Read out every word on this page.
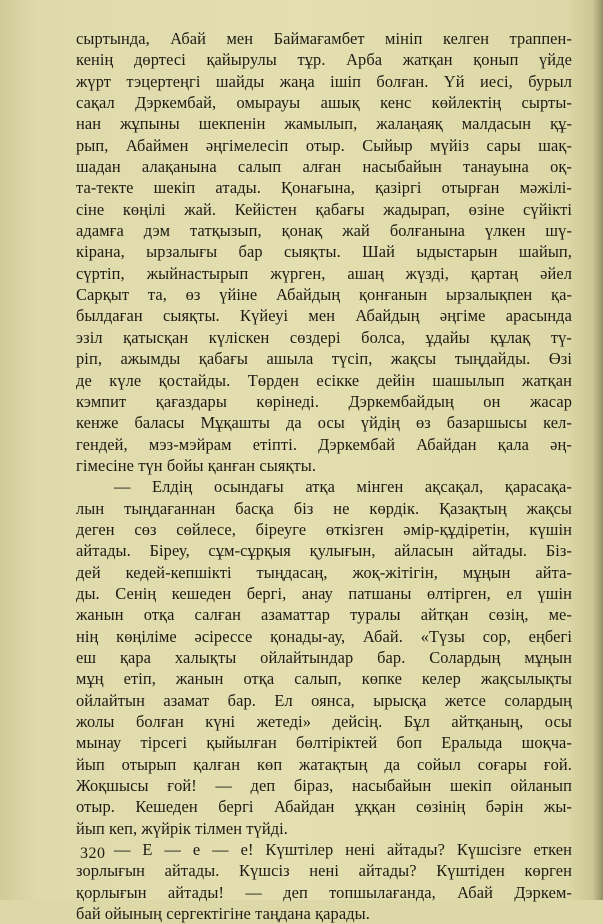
сыртында, Абай мен Баймағамбет мініп келген траппен-
кенің дөртесі қайырулы тұр. Арба жатқан қонып үйде
жүрт тэцертеңгі шайды жаңа ішіп болған. Үй иесі, бурыл
сақал Дэркембай, омырауы ашық кенс көйлектің сырты-
нан жұпыны шекпенін жамылып, жалаңаяқ малдасын құ-
рып, Абаймен әңгімелесіп отыр. Сыйыр мүйіз сары шақ-
шадан алақанына салып алған насыбайын танауына оқ-
та-текте шекіп атады. Қонағына, қазіргі отырған мәжілі-
сіне көңілі жай. Кейістен қабағы жадырап, өзіне сүйікті
адамға дэм татқызып, қонақ жай болғанына үлкен шү-
кірана, ырзалығы бар сыяқты. Шай ыдыстарын шайып,
сүртіп, жыйнастырып жүрген, ашаң жүзді, қартаң әйел
Сарқыт та, өз үйіне Абайдың қонғанын ырзалықпен қа-
былдаған сыяқты. Күйеуі мен Абайдың әңгіме арасында
эзіл қатысқан күліскен сөздері болса, ұдайы құлақ тү-
ріп, ажымды қабағы ашыла түсіп, жақсы тыңдайды. Өзі
де күле қостайды. Төрден есікке дейін шашылып жатқан
кэмпит қағаздары көрінеді. Дэркембайдың он жасар
кенже баласы Мұқашты да осы үйдің өз базаршысы кел-
гендей, мэз-мэйрам етіпті. Дэркембай Абайдан қала әң-
гімесіне түн бойы қанған сыяқты.
— Елдің осындағы атқа мінген ақсақал, қарасақа-
лын тыңдағаннан басқа біз не көрдік. Қазақтың жақсы
деген сөз сөйлесе, біреуге өткізген әмір-құдіретін, күшін
айтады. Біреу, сұм-сұрқыя қулығын, айласын айтады. Біз-
дей кедей-кепшікті тыңдасаң, жоқ-жітігін, мұңын айта-
ды. Сенің кешеден бергі, анау патшаны өлтірген, ел үшін
жанын отқа салған азаматтар туралы айтқан сөзің, ме-
нің көңіліме әсірессе қонады-ау, Абай. «Түзы сор, еңбегі
еш қара халықты ойлайтындар бар. Солардың мұңын
мұң етіп, жанын отқа салып, көпке келер жақсылықты
ойлайтын азамат бар. Ел оянса, ырысқа жетсе солардың
жолы болған күні жетеді» дейсің. Бұл айтқаның, осы
мынау тірсегі қыйылған бөлтіріктей боп Ералыда шоқча-
йып отырып қалған көп жатақтың да сойыл соғары ғой.
Жоқшысы ғой! — деп біраз, насыбайын шекіп ойланып
отыр. Кешеден бергі Абайдан ұққан сөзінің бәрін жы-
йып кеп, жүйрік тілмен түйді.
— Е — е — е! Күштілер нені айтады? Күшсізге еткен
зорлығын айтады. Күшсіз нені айтады? Күштіден көрген
қорлығын айтады! — деп топшылағанда, Абай Дэркем-
бай ойының сергектігіне таңдана қарады.
320
